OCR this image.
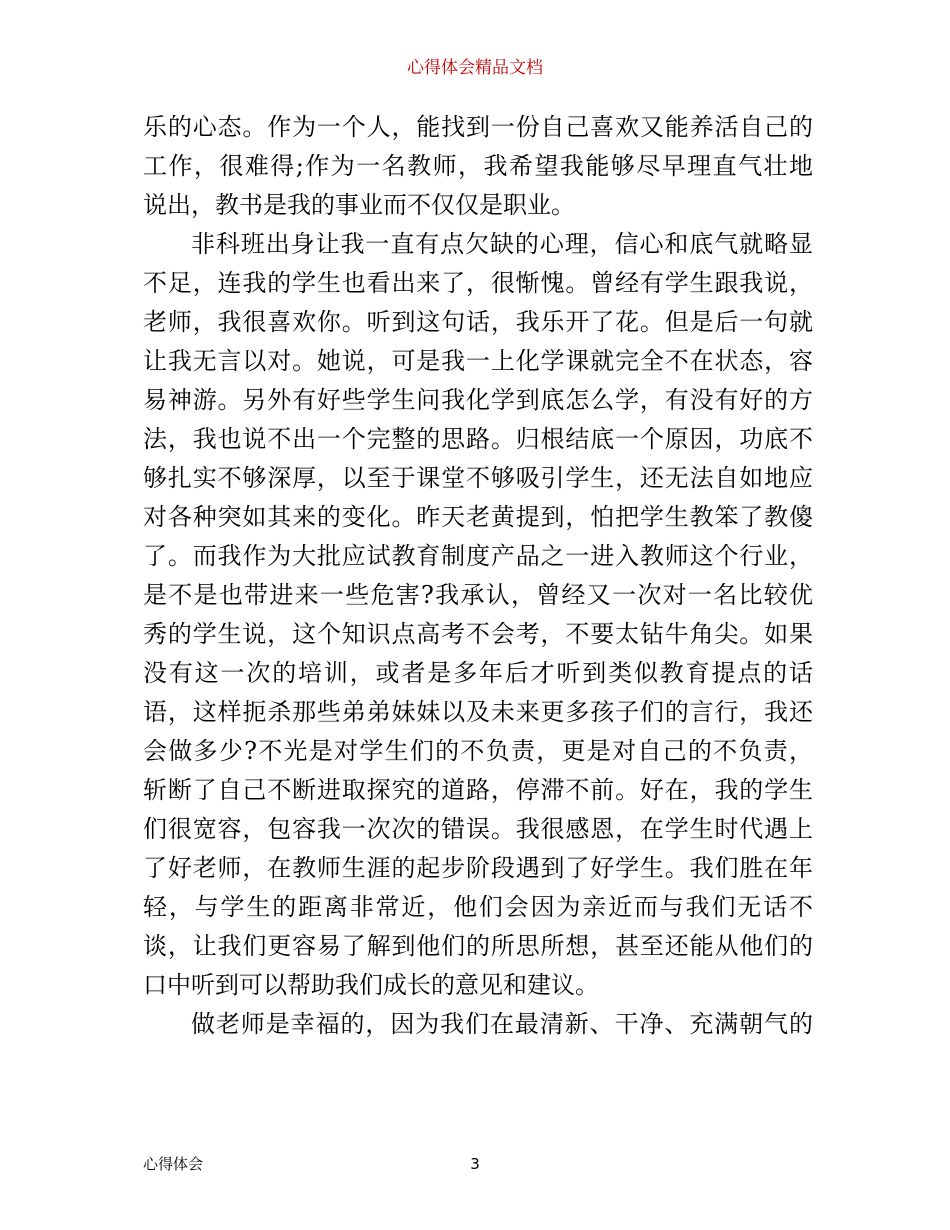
心得体会精品文档
乐的心态。作为一个人，能找到一份自己喜欢又能养活自己的
工作，很难得;作为一名教师，我希望我能够尽早理直气壮地
说出，教书是我的事业而不仅仅是职业。
非科班出身让我一直有点欠缺的心理，信心和底气就略显
不足，连我的学生也看出来了，很惭愧。曾经有学生跟我说，
老师，我很喜欢你。听到这句话，我乐开了花。但是后一句就
让我无言以对。她说，可是我一上化学课就完全不在状态，容
易神游。另外有好些学生问我化学到底怎么学，有没有好的方
法，我也说不出一个完整的思路。归根结底一个原因，功底不
够扎实不够深厚，以至于课堂不够吸引学生，还无法自如地应
对各种突如其来的变化。昨天老黄提到，怕把学生教笨了教傻
了。而我作为大批应试教育制度产品之一进入教师这个行业，
是不是也带进来一些危害?我承认，曾经又一次对一名比较优
秀的学生说，这个知识点高考不会考，不要太钻牛角尖。如果
没有这一次的培训，或者是多年后才听到类似教育提点的话
语，这样扼杀那些弟弟妹妹以及未来更多孩子们的言行，我还
会做多少?不光是对学生们的不负责，更是对自己的不负责，
斩断了自己不断进取探究的道路，停滞不前。好在，我的学生
们很宽容，包容我一次次的错误。我很感恩，在学生时代遇上
了好老师，在教师生涯的起步阶段遇到了好学生。我们胜在年
轻，与学生的距离非常近，他们会因为亲近而与我们无话不
谈，让我们更容易了解到他们的所思所想，甚至还能从他们的
口中听到可以帮助我们成长的意见和建议。
做老师是幸福的，因为我们在最清新、干净、充满朝气的
心得体会	3
